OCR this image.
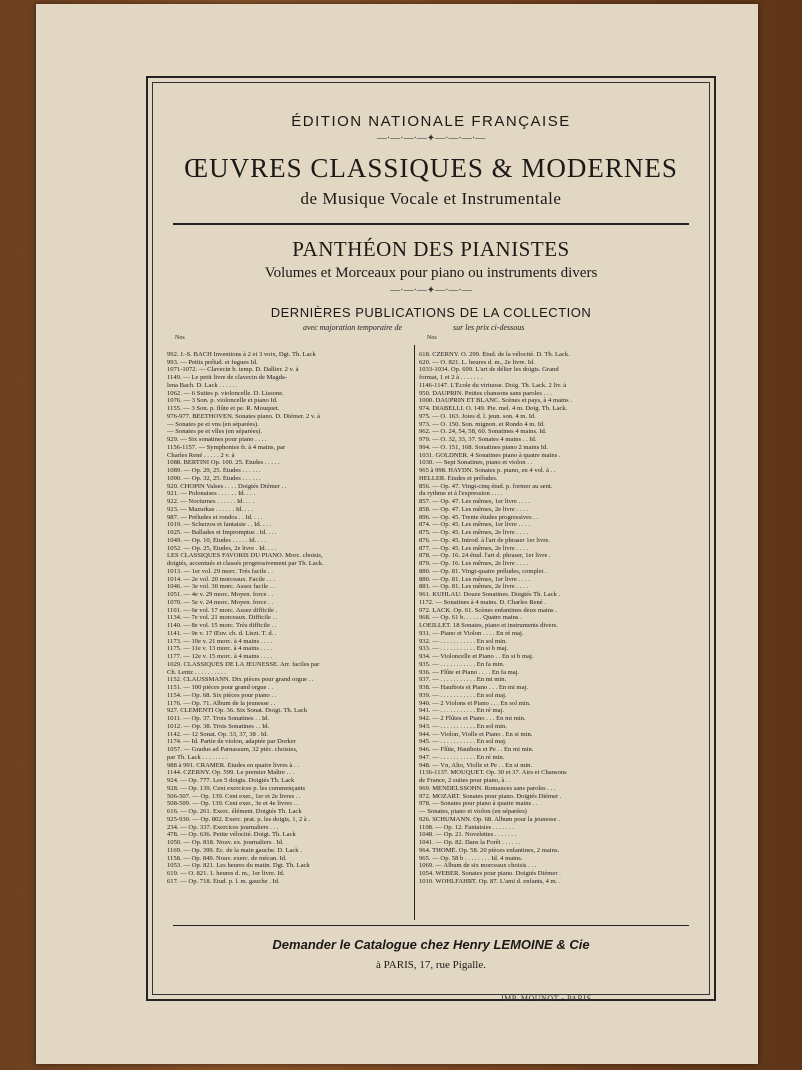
ÉDITION NATIONALE FRANÇAISE
—·—·—·—✦—·—·—·—
ŒUVRES CLASSIQUES & MODERNES
de Musique Vocale et Instrumentale
PANTHÉON DES PIANISTES
Volumes et Morceaux pour piano ou instruments divers
—·—·—✦—·—·—
DERNIÈRES PUBLICATIONS DE LA COLLECTION
avec majoration temporaire de	sur les prix ci-dessous
Nos
992. J.-S. BACH Inventions à 2 et 3 voix, Dgt. Th. Lack
993. — Petits prélud. et fugues Id.
1071-1072. — Clavecin b. temp. D. Dallier. 2 v. à
1149. — Le petit livre de clavecin de Magda-
lena Bach. D. Lack . . . . . .
1062. — 6 Suites p. violoncelle. D. Lissone.
1076. — 3 Son. p. violoncelle et piano Id.
1155. — 3 Son. p. flûte et pe. R. Mouquet.
976-977. BEETHOVEN. Sonates piano. D. Diémer. 2 v. à
— Sonates pe et vns (en séparées).
— Sonates pe et vlles (en séparées).
929. — Six sonatines pour piano . . . .
1156-1157. — Symphonies fr. à 4 mains, par
Charles René . . . . . 2 v. à
1088. BERTINI Op. 100. 25. Études . . . . .
1089. — Op. 29, 25. Études . . . . . .
1090. — Op. 32, 25. Études . . . . . .
920. CHOPIN Valses . . . . Doigtés Diémer . .
921. — Polonaises . . . . . . Id. . . .
922. — Nocturnes . . . . . . Id. . . .
923. — Mazurkas . . . . . . Id. . . .
987. — Préludes et rondos . . Id. . . .
1019. — Scherzos et fantaisie . . Id. . . .
1025. — Ballades et Impromptus . Id. . . .
1049. — Op. 10, Études . . . . . Id. . . .
1052. — Op. 25, Études, 2e livre . Id. . . .
LES CLASSIQUES FAVORIS DU PIANO. Morc. choisis,
doigtés, accentués et classés progressivement par Th. Lack.
1013. — 1er vol. 29 morc. Très facile . .
1014. — 2e vol. 20 morceaux. Facile . . .
1046. — 3e vol. 30 morc. Assez facile . .
1051. — 4e v. 29 morc. Moyen. force . .
1070. — 5e v. 24 morc. Moyen. force . .
1101. — 6e vol. 17 morc. Assez difficile .
1134. — 7e vol. 21 morceaux. Difficile . .
1140. — 8e vol. 15 morc. Très difficile . .
1141. — 9e v. 17 Œuv. ch. d. Liszt. T. d. .
1173. — 10e v. 21 morc. à 4 mains . . . .
1175. — 11e v. 13 morc. à 4 mains . . . .
1177. — 12e v. 15 morc. à 4 mains . . . .
1029. CLASSIQUES DE LA JEUNESSE. Arr. faciles par
Ch. Lentz . . . . . . . . . .
1152. CLAUSSMANN. Dix pièces pour grand orgue . .
1151. — 100 pièces pour grand orgue . .
1154. — Op. 68. Six pièces pour piano . .
1176. — Op. 71. Album de la jeunesse . .
927. CLEMENTI Op. 36. Six Sonat. Doigt. Th. Lack
1011. — Op. 37. Trois Sonatines . . Id.
1012. — Op. 38. Trois Sonatines . . Id.
1142. — 12 Sonat. Op. 33, 37, 38 . Id.
1174. — Id. Partie de violon, adaptée par Dorker
1057. — Gradus ad Parnassum, 32 pièc. choisies,
par Th. Lack . . . . . . . .
988 à 991. CRAMER. Études en quatre livres à . .
1144. CZERNY. Op. 599. Le premier Maître . . .
924. — Op. 777. Les 5 doigts. Doigtés Th. Lack
928. — Op. 139. Cent exercices p. les commençants
506-507. — Op. 139. Cent exer., 1er et 2e livres . .
508-509. — Op. 139. Cent exer., 3e et 4e livres . .
616. — Op. 261. Exerc. élément. Doigtés Th. Lack
925-930. — Op. 802. Exerc. prat. p. les doigts, 1, 2 à .
234. — Op. 337. Exercices journaliers . . .
478. — Op. 636. Petite vélocité. Doigt. Th. Lack
1050. — Op. 818. Nouv. ex. journaliers . Id.
1169. — Op. 399. Ec. de la main gauche. D. Lack .
1158. — Op. 849. Nouv. exerc. de mécan. Id.
1053. — Op. 821. Les heures du matin. Dgt. Th. Lack
619. — O. 821. 1. heures d. m., 1er livre. Id.
617. — Op. 718. Étud. p. l. m. gauche . Id.
Nos
618. CZERNY. O. 299. Étud. de la vélocité. D. Th. Lack.
620. — O. 821. L. heures d. m., 2e livre. Id.
1033-1034. Op. 699. L'art de délier les doigts. Grand
format, 1 et 2 à . . . . . . .
1146-1147. L'École du virtuose. Doig. Th. Lack. 2 liv. à
950. DAUPRIN. Petites chansons sans paroles . . .
1000. DAUPRIN ET BLANC. Scènes et pays, à 4 mains .
974. DIABELLI. O. 149. Pie. mel. 4 m. Doig. Th. Lack.
975. — O. 163. Joies d. l. jeun. son. 4 m. Id.
973. — O. 150. Son. mignon. et Rondo 4 m. Id.
962. — O. 24, 54, 58, 60. Sonatines 4 mains. Id.
979. — O. 32, 33, 37. Sonates 4 mains . . Id.
994. — O. 151, 168. Sonatines piano 2 mains Id.
1031. GOLDNER. 4 Sonatines piano à quatre mains .
1030. — Sept Sonatines, piano et violon . .
965 à 998. HAYDN. Sonates p. piano, en 4 vol. à . .
HELLER. Études et préludes.
856. — Op. 47. Vingt-cinq étud. p. former au sent.
du rythme et à l'expression . . . .
857. — Op. 47. Les mêmes, 1er livre . . . .
858. — Op. 47. Les mêmes, 2e livre . . . .
896. — Op. 45. Trente études progressives . .
874. — Op. 45. Les mêmes, 1er livre . . . .
875. — Op. 45. Les mêmes, 2e livre . . . .
876. — Op. 45. Introd. à l'art de phraser 1er livre.
877. — Op. 45. Les mêmes, 2e livre . . . .
878. — Op. 16. 24 étud. l'art d. phraser, 1er livre .
879. — Op. 16. Les mêmes, 2e livre . . . .
880. — Op. 81. Vingt-quatre préludes, complet .
880. — Op. 81. Les mêmes, 1er livre . . . .
881. — Op. 81. Les mêmes, 2e livre . . . .
961. KUHLAU. Douze Sonatines. Doigtés Th. Lack .
1172. — Sonatines à 4 mains. D. Charles René .
972. LACK. Op. 61. Scènes enfantines deux mains .
968. — Op. 61 b. . . . . . Quatre mains .
LOEILLET. 18 Sonates, piano et instruments divers.
931. — Piano et Violon . . . . En ré maj.
932. — . . . . . . . . . . . En sol min.
933. — . . . . . . . . . . . En si b maj.
934. — Violoncelle et Piano . . En si b maj.
935. — . . . . . . . . . . . En fa min.
936. — Flûte et Piano . . . . En fa maj.
937. — . . . . . . . . . . . En mi min.
938. — Hautbois et Piano . . . En mi maj.
939. — . . . . . . . . . . . En sol maj.
940. — 2 Violons et Piano . . . En sol min.
941. — . . . . . . . . . . . En ré maj.
942. — 2 Flûtes et Piano . . . En mi min.
943. — . . . . . . . . . . . En sol min.
944. — Violon, Violle et Piano . En si min.
945. — . . . . . . . . . . . En sol maj.
946. — Flûte, Hautbois et Pe . . En mi min.
947. — . . . . . . . . . . . En ré min.
948. — Vn, Alto, Violle et Pe . . En si min.
1136-1137. MOUQUET. Op. 30 et 37. Airs et Chansons
de France, 2 suites pour piano, à . .
969. MENDELSSOHN. Romances sans paroles . . .
972. MOZART. Sonates pour piano. Doigtés Diémer .
978. — Sonates pour piano à quatre mains . .
— Sonates, piano et violon (en séparées)
926. SCHUMANN. Op. 68. Album pour la jeunesse .
1108. — Op. 12. Fantaisies . . . . . . .
1048. — Op. 21. Novelettes . . . . . . .
1041. — Op. 82. Dans la Forêt . . . . . .
964. THOMÉ. Op. 58. 20 pièces enfantines, 2 mains.
965. — Op. 58 b . . . . . . . . Id. 4 mains.
1069. — Album de six morceaux choisis . . .
1054. WEBER. Sonates pour piano. Doigtés Diémer .
1010. WOHLFAHRT. Op. 87. L'ami d. enfants, 4 m. .
Demander le Catalogue chez Henry LEMOINE & Cie
à PARIS, 17, rue Pigalle.
IMP. MOUNOT - PARIS
